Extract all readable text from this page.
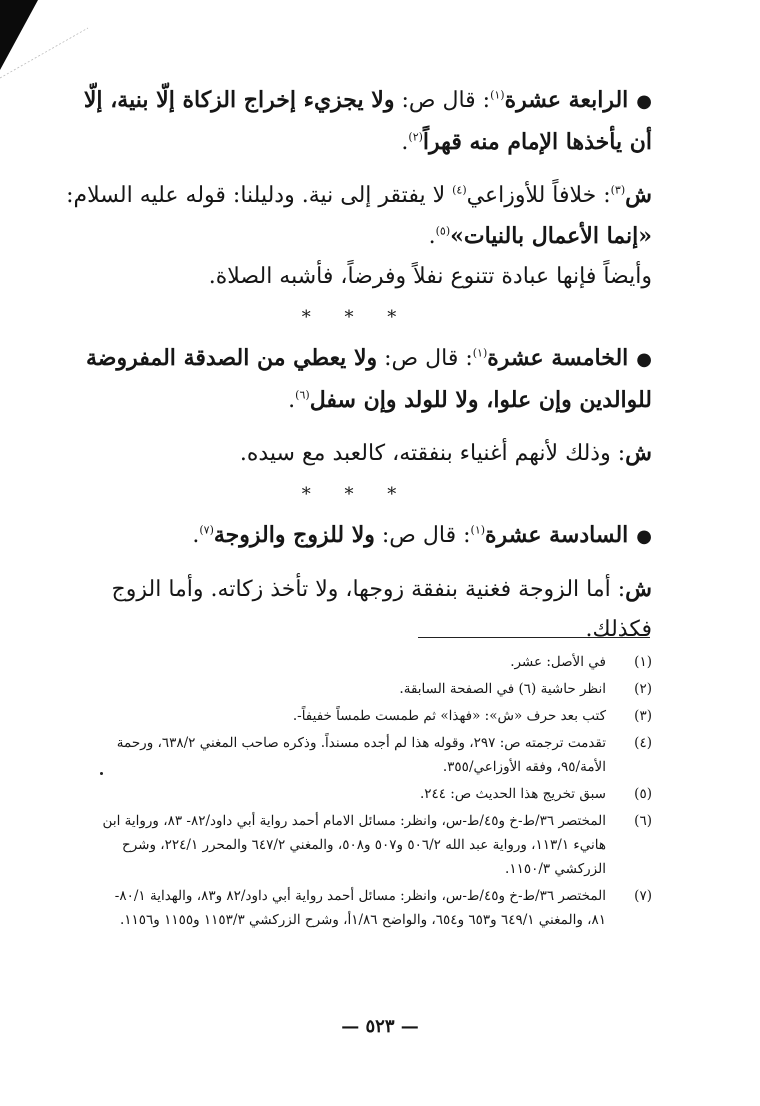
●الرابعة عشرة$^{(١)}$: قال ص: ولا يجزيء إخراج الزكاة إلّا بنية، إلّا أن يأخذها الإمام منه قهراً$^{(٢)}$.

ش$^{(٣)}$: خلافاً للأوزاعي$^{(٤)}$ لا يفتقر إلى نية. ودليلنا: قوله عليه السلام: «إنما الأعمال بالنيات»$^{(٥)}$.

وأيضاً فإنها عبادة تتنوع نفلاً وفرضاً، فأشبه الصلاة.

* * *

●الخامسة عشرة$^{(١)}$: قال ص: ولا يعطي من الصدقة المفروضة للوالدين وإن علوا، ولا للولد وإن سفل$^{(٦)}$.

ش: وذلك لأنهم أغنياء بنفقته، كالعبد مع سيده.

* * *

●السادسة عشرة$^{(١)}$: قال ص: ولا للزوج والزوجة$^{(٧)}$.

ش: أما الزوجة فغنية بنفقة زوجها، ولا تأخذ زكاته. وأما الزوج فكذلك.

(١)
في الأصل: عشر.
(٢)
انظر حاشية (٦) في الصفحة السابقة.
(٣)
كتب بعد حرف «ش»: «فهذا» ثم طمست طمساً خفيفاً-.
(٤)
تقدمت ترجمته ص: ٢٩٧، وقوله هذا لم أجده مسنداً. وذكره صاحب المغني ٦٣٨/٢، ورحمة الأمة/٩٥، وفقه الأوزاعي/٣٥٥.
(٥)
سبق تخريج هذا الحديث ص: ٢٤٤.
(٦)
المختصر ٣٦/ط-خ و٤٥/ط-س، وانظر: مسائل الامام أحمد رواية أبي داود/٨٢- ٨٣، ورواية ابن هانيء ١١٣/١، ورواية عبد الله ٥٠٦/٢ و٥٠٧ و٥٠٨، والمغني ٦٤٧/٢ والمحرر ٢٢٤/١، وشرح الزركشي ١١٥٠/٣.
(٧)
المختصر ٣٦/ط-خ و٤٥/ط-س، وانظر: مسائل أحمد رواية أبي داود/٨٢ و٨٣، والهداية ٨٠/١- ٨١، والمغني ٦٤٩/١ و٦٥٣ و٦٥٤، والواضح ١/٨٦أ، وشرح الزركشي ١١٥٣/٣ و١١٥٥ و١١٥٦.
— ٥٢٣ —
